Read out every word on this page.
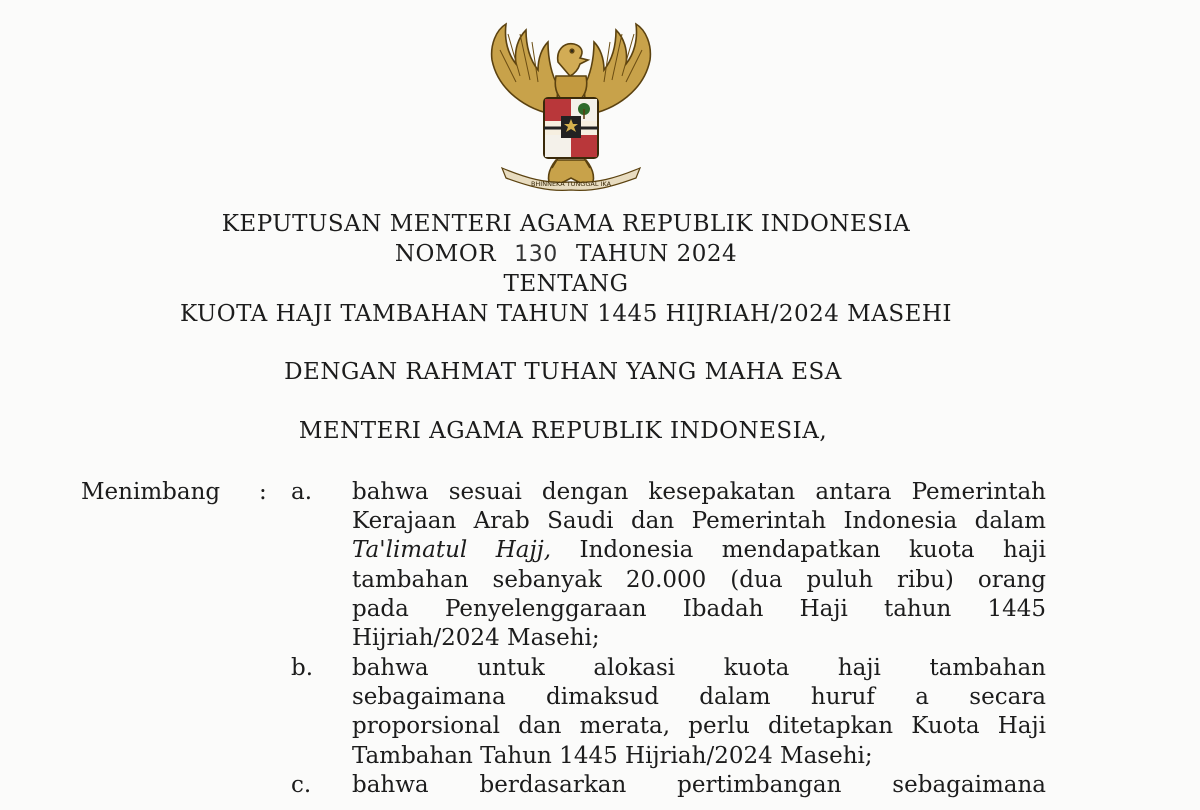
BHINNEKA TUNGGAL IKA
KEPUTUSAN MENTERI AGAMA REPUBLIK INDONESIA
NOMOR 130 TAHUN 2024
TENTANG
KUOTA HAJI TAMBAHAN TAHUN 1445 HIJRIAH/2024 MASEHI
DENGAN RAHMAT TUHAN YANG MAHA ESA
MENTERI AGAMA REPUBLIK INDONESIA,
Menimbang : a. bahwa sesuai dengan kesepakatan antara Pemerintah
Kerajaan Arab Saudi dan Pemerintah Indonesia dalam
Ta'limatul Hajj, Indonesia mendapatkan kuota haji
tambahan sebanyak 20.000 (dua puluh ribu) orang
pada Penyelenggaraan Ibadah Haji tahun 1445
Hijriah/2024 Masehi;
b. bahwa untuk alokasi kuota haji tambahan
sebagaimana dimaksud dalam huruf a secara
proporsional dan merata, perlu ditetapkan Kuota Haji
Tambahan Tahun 1445 Hijriah/2024 Masehi;
c. bahwa berdasarkan pertimbangan sebagaimana
